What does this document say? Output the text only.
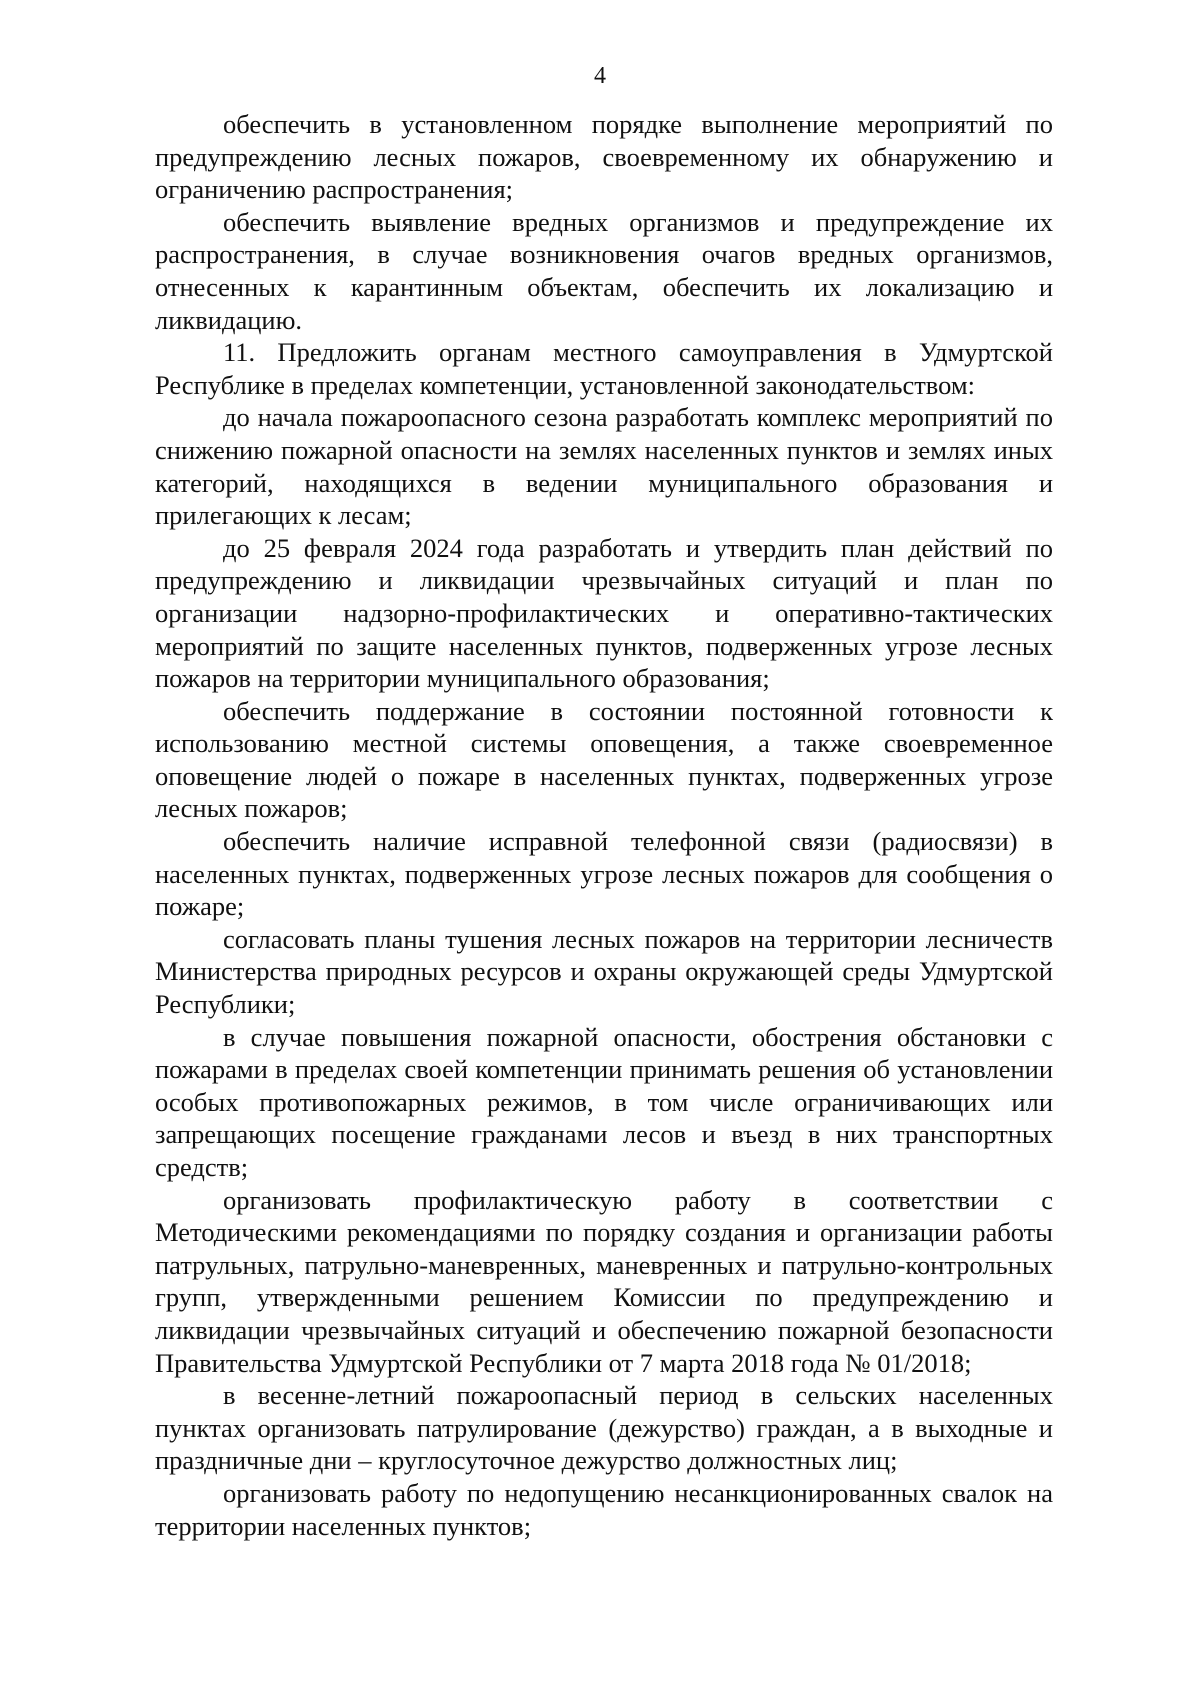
4

обеспечить в установленном порядке выполнение мероприятий по предупреждению лесных пожаров, своевременному их обнаружению и ограничению распространения;

обеспечить выявление вредных организмов и предупреждение их распространения, в случае возникновения очагов вредных организмов, отнесенных к карантинным объектам, обеспечить их локализацию и ликвидацию.

11. Предложить органам местного самоуправления в Удмуртской Республике в пределах компетенции, установленной законодательством:

до начала пожароопасного сезона разработать комплекс мероприятий по снижению пожарной опасности на землях населенных пунктов и землях иных категорий, находящихся в ведении муниципального образования и прилегающих к лесам;

до 25 февраля 2024 года разработать и утвердить план действий по предупреждению и ликвидации чрезвычайных ситуаций и план по организации надзорно-профилактических и оперативно-тактических мероприятий по защите населенных пунктов, подверженных угрозе лесных пожаров на территории муниципального образования;

обеспечить поддержание в состоянии постоянной готовности к использованию местной системы оповещения, а также своевременное оповещение людей о пожаре в населенных пунктах, подверженных угрозе лесных пожаров;

обеспечить наличие исправной телефонной связи (радиосвязи) в населенных пунктах, подверженных угрозе лесных пожаров для сообщения о пожаре;

согласовать планы тушения лесных пожаров на территории лесничеств Министерства природных ресурсов и охраны окружающей среды Удмуртской Республики;

в случае повышения пожарной опасности, обострения обстановки с пожарами в пределах своей компетенции принимать решения об установлении особых противопожарных режимов, в том числе ограничивающих или запрещающих посещение гражданами лесов и въезд в них транспортных средств;

организовать профилактическую работу в соответствии с Методическими рекомендациями по порядку создания и организации работы патрульных, патрульно-маневренных, маневренных и патрульно-контрольных групп, утвержденными решением Комиссии по предупреждению и ликвидации чрезвычайных ситуаций и обеспечению пожарной безопасности Правительства Удмуртской Республики от 7 марта 2018 года № 01/2018;

в весенне-летний пожароопасный период в сельских населенных пунктах организовать патрулирование (дежурство) граждан, а в выходные и праздничные дни – круглосуточное дежурство должностных лиц;

организовать работу по недопущению несанкционированных свалок на территории населенных пунктов;
